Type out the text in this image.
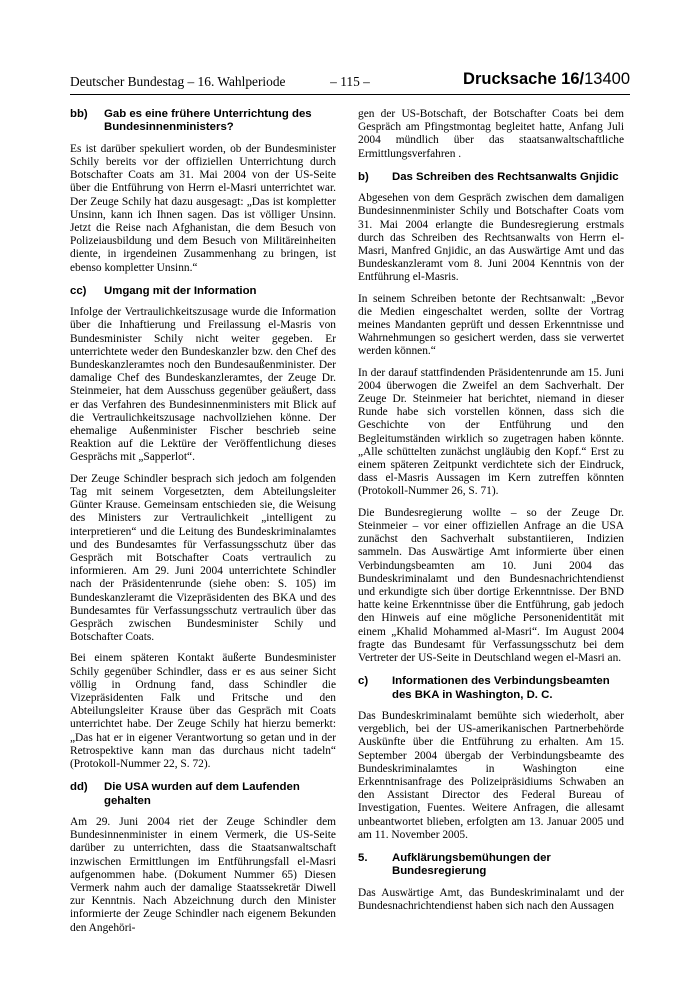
Deutscher Bundestag – 16. Wahlperiode	– 115 –	Drucksache 16/13400
bb)	Gab es eine frühere Unterrichtung des Bundesinnenministers?

Es ist darüber spekuliert worden, ob der Bundesminister Schily bereits vor der offiziellen Unterrichtung durch Botschafter Coats am 31. Mai 2004 von der US-Seite über die Entführung von Herrn el-Masri unterrichtet war. Der Zeuge Schily hat dazu ausgesagt: „Das ist kompletter Unsinn, kann ich Ihnen sagen. Das ist völliger Unsinn. Jetzt die Reise nach Afghanistan, die dem Besuch von Polizeiausbildung und dem Besuch von Militäreinheiten diente, in irgendeinen Zusammenhang zu bringen, ist ebenso kompletter Unsinn.“

cc)	Umgang mit der Information

Infolge der Vertraulichkeitszusage wurde die Information über die Inhaftierung und Freilassung el-Masris von Bundesminister Schily nicht weiter gegeben. Er unterrichtete weder den Bundeskanzler bzw. den Chef des Bundeskanzleramtes noch den Bundesaußenminister. Der damalige Chef des Bundeskanzleramtes, der Zeuge Dr. Steinmeier, hat dem Ausschuss gegenüber geäußert, dass er das Verfahren des Bundesinnenministers mit Blick auf die Vertraulichkeitszusage nachvollziehen könne. Der ehemalige Außenminister Fischer beschrieb seine Reaktion auf die Lektüre der Veröffentlichung dieses Gesprächs mit „Sapperlot“.

Der Zeuge Schindler besprach sich jedoch am folgenden Tag mit seinem Vorgesetzten, dem Abteilungsleiter Günter Krause. Gemeinsam entschieden sie, die Weisung des Ministers zur Vertraulichkeit „intelligent zu interpretieren“ und die Leitung des Bundeskriminalamtes und des Bundesamtes für Verfassungsschutz über das Gespräch mit Botschafter Coats vertraulich zu informieren. Am 29. Juni 2004 unterrichtete Schindler nach der Präsidentenrunde (siehe oben: S. 105) im Bundeskanzleramt die Vizepräsidenten des BKA und des Bundesamtes für Verfassungsschutz vertraulich über das Gespräch zwischen Bundesminister Schily und Botschafter Coats.

Bei einem späteren Kontakt äußerte Bundesminister Schily gegenüber Schindler, dass er es aus seiner Sicht völlig in Ordnung fand, dass Schindler die Vizepräsidenten Falk und Fritsche und den Abteilungsleiter Krause über das Gespräch mit Coats unterrichtet habe. Der Zeuge Schily hat hierzu bemerkt: „Das hat er in eigener Verantwortung so getan und in der Retrospektive kann man das durchaus nicht tadeln“ (Protokoll-Nummer 22, S. 72).

dd)	Die USA wurden auf dem Laufenden gehalten

Am 29. Juni 2004 riet der Zeuge Schindler dem Bundesinnenminister in einem Vermerk, die US-Seite darüber zu unterrichten, dass die Staatsanwaltschaft inzwischen Ermittlungen im Entführungsfall el-Masri aufgenommen habe. (Dokument Nummer 65) Diesen Vermerk nahm auch der damalige Staatssekretär Diwell zur Kenntnis. Nach Abzeichnung durch den Minister informierte der Zeuge Schindler nach eigenem Bekunden den Angehöri-

gen der US-Botschaft, der Botschafter Coats bei dem Gespräch am Pfingstmontag begleitet hatte, Anfang Juli 2004 mündlich über das staatsanwaltschaftliche Ermittlungsverfahren .

b)	Das Schreiben des Rechtsanwalts Gnjidic

Abgesehen von dem Gespräch zwischen dem damaligen Bundesinnenminister Schily und Botschafter Coats vom 31. Mai 2004 erlangte die Bundesregierung erstmals durch das Schreiben des Rechtsanwalts von Herrn el-Masri, Manfred Gnjidic, an das Auswärtige Amt und das Bundeskanzleramt vom 8. Juni 2004 Kenntnis von der Entführung el-Masris.

In seinem Schreiben betonte der Rechtsanwalt: „Bevor die Medien eingeschaltet werden, sollte der Vortrag meines Mandanten geprüft und dessen Erkenntnisse und Wahrnehmungen so gesichert werden, dass sie verwertet werden können.“

In der darauf stattfindenden Präsidentenrunde am 15. Juni 2004 überwogen die Zweifel an dem Sachverhalt. Der Zeuge Dr. Steinmeier hat berichtet, niemand in dieser Runde habe sich vorstellen können, dass sich die Geschichte von der Entführung und den Begleitumständen wirklich so zugetragen haben könnte. „Alle schüttelten zunächst ungläubig den Kopf.“ Erst zu einem späteren Zeitpunkt verdichtete sich der Eindruck, dass el-Masris Aussagen im Kern zutreffen könnten (Protokoll-Nummer 26, S. 71).

Die Bundesregierung wollte – so der Zeuge Dr. Steinmeier – vor einer offiziellen Anfrage an die USA zunächst den Sachverhalt substantiieren, Indizien sammeln. Das Auswärtige Amt informierte über einen Verbindungsbeamten am 10. Juni 2004 das Bundeskriminalamt und den Bundesnachrichtendienst und erkundigte sich über dortige Erkenntnisse. Der BND hatte keine Erkenntnisse über die Entführung, gab jedoch den Hinweis auf eine mögliche Personenidentität mit einem „Khalid Mohammed al-Masri“. Im August 2004 fragte das Bundesamt für Verfassungsschutz bei dem Vertreter der US-Seite in Deutschland wegen el-Masri an.

c)	Informationen des Verbindungsbeamten des BKA in Washington, D. C.

Das Bundeskriminalamt bemühte sich wiederholt, aber vergeblich, bei der US-amerikanischen Partnerbehörde Auskünfte über die Entführung zu erhalten. Am 15. September 2004 übergab der Verbindungsbeamte des Bundeskriminalamtes in Washington eine Erkenntnisanfrage des Polizeipräsidiums Schwaben an den Assistant Director des Federal Bureau of Investigation, Fuentes. Weitere Anfragen, die allesamt unbeantwortet blieben, erfolgten am 13. Januar 2005 und am 11. November 2005.

5.	Aufklärungsbemühungen der Bundesregierung

Das Auswärtige Amt, das Bundeskriminalamt und der Bundesnachrichtendienst haben sich nach den Aussagen
